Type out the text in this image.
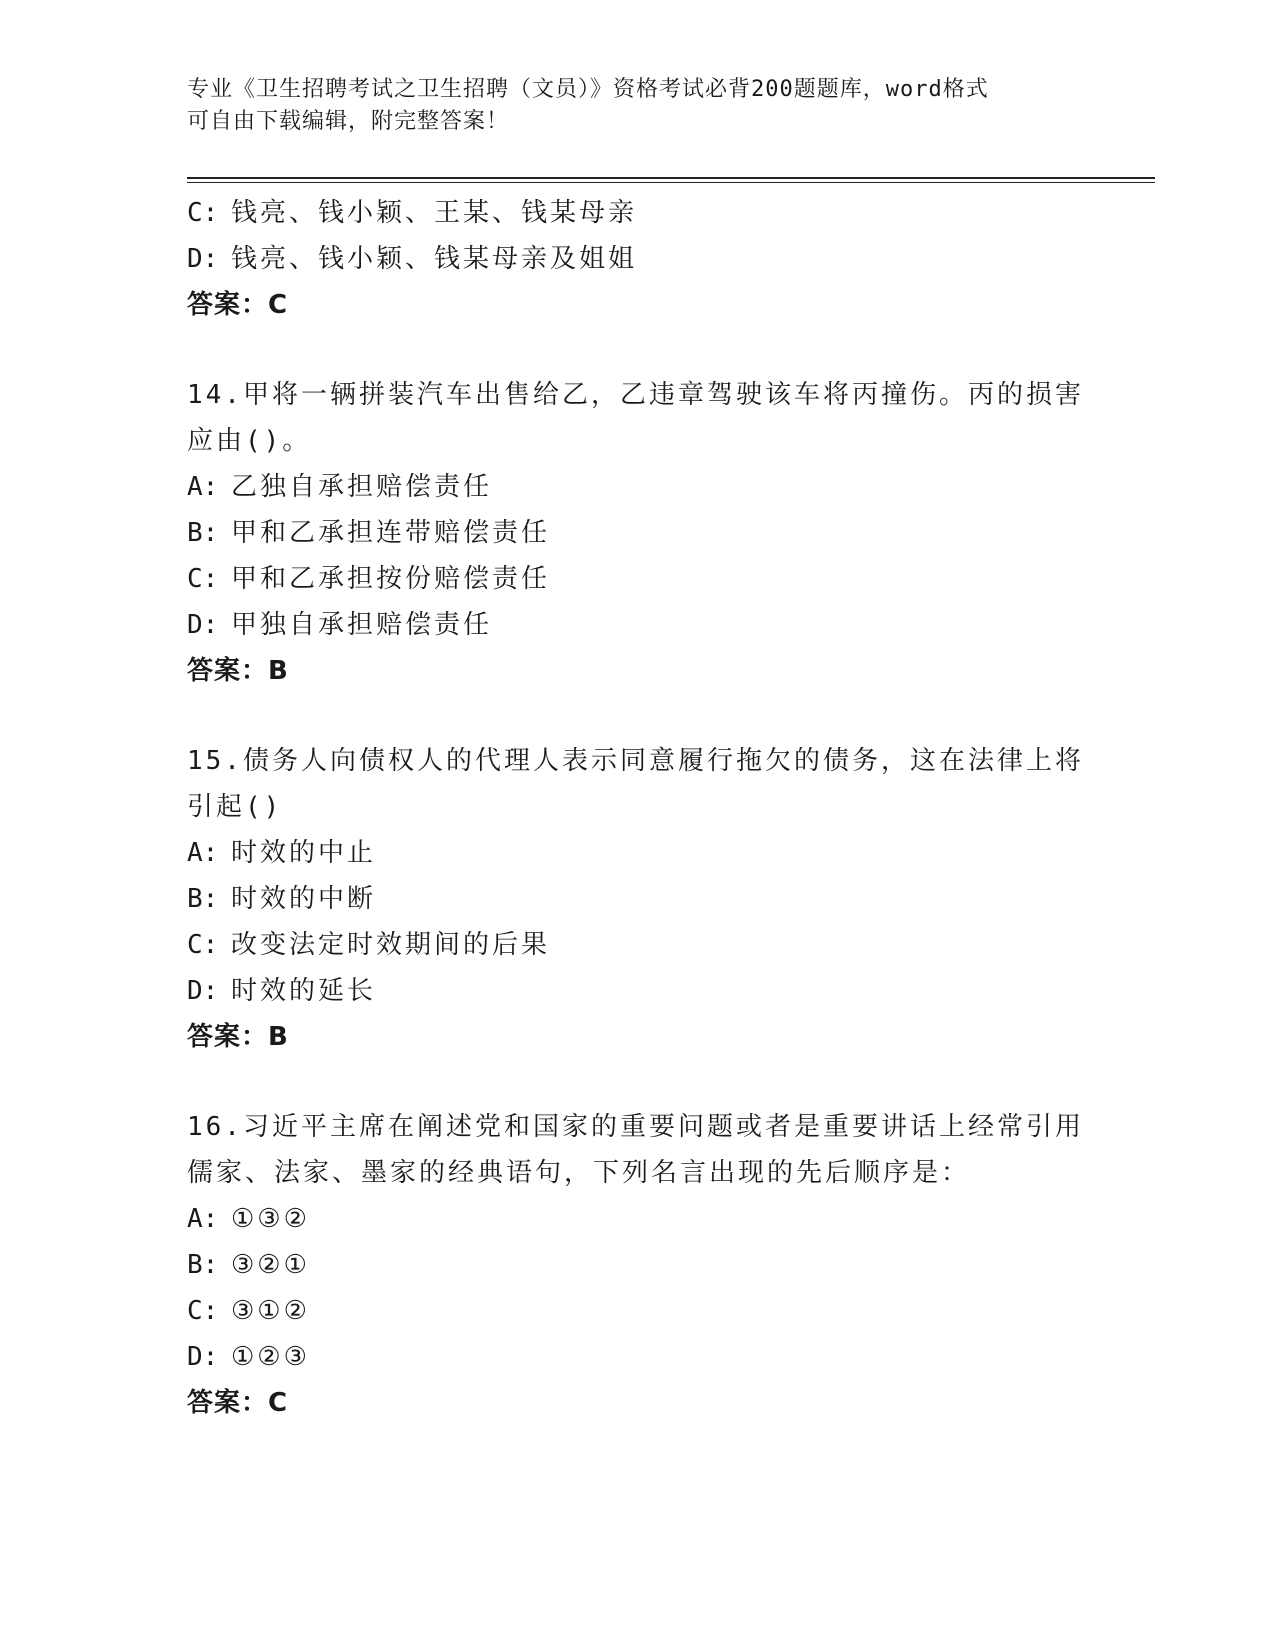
专业《卫生招聘考试之卫生招聘（文员）》资格考试必背200题题库，word格式
可自由下载编辑，附完整答案！
C: 钱亮、钱小颖、王某、钱某母亲
D: 钱亮、钱小颖、钱某母亲及姐姐
答案：C
14.甲将一辆拼装汽车出售给乙，乙违章驾驶该车将丙撞伤。丙的损害
应由()。
A: 乙独自承担赔偿责任
B: 甲和乙承担连带赔偿责任
C: 甲和乙承担按份赔偿责任
D: 甲独自承担赔偿责任
答案：B
15.债务人向债权人的代理人表示同意履行拖欠的债务，这在法律上将
引起()
A: 时效的中止
B: 时效的中断
C: 改变法定时效期间的后果
D: 时效的延长
答案：B
16.习近平主席在阐述党和国家的重要问题或者是重要讲话上经常引用
儒家、法家、墨家的经典语句，下列名言出现的先后顺序是：
A: ①③②
B: ③②①
C: ③①②
D: ①②③
答案：C
